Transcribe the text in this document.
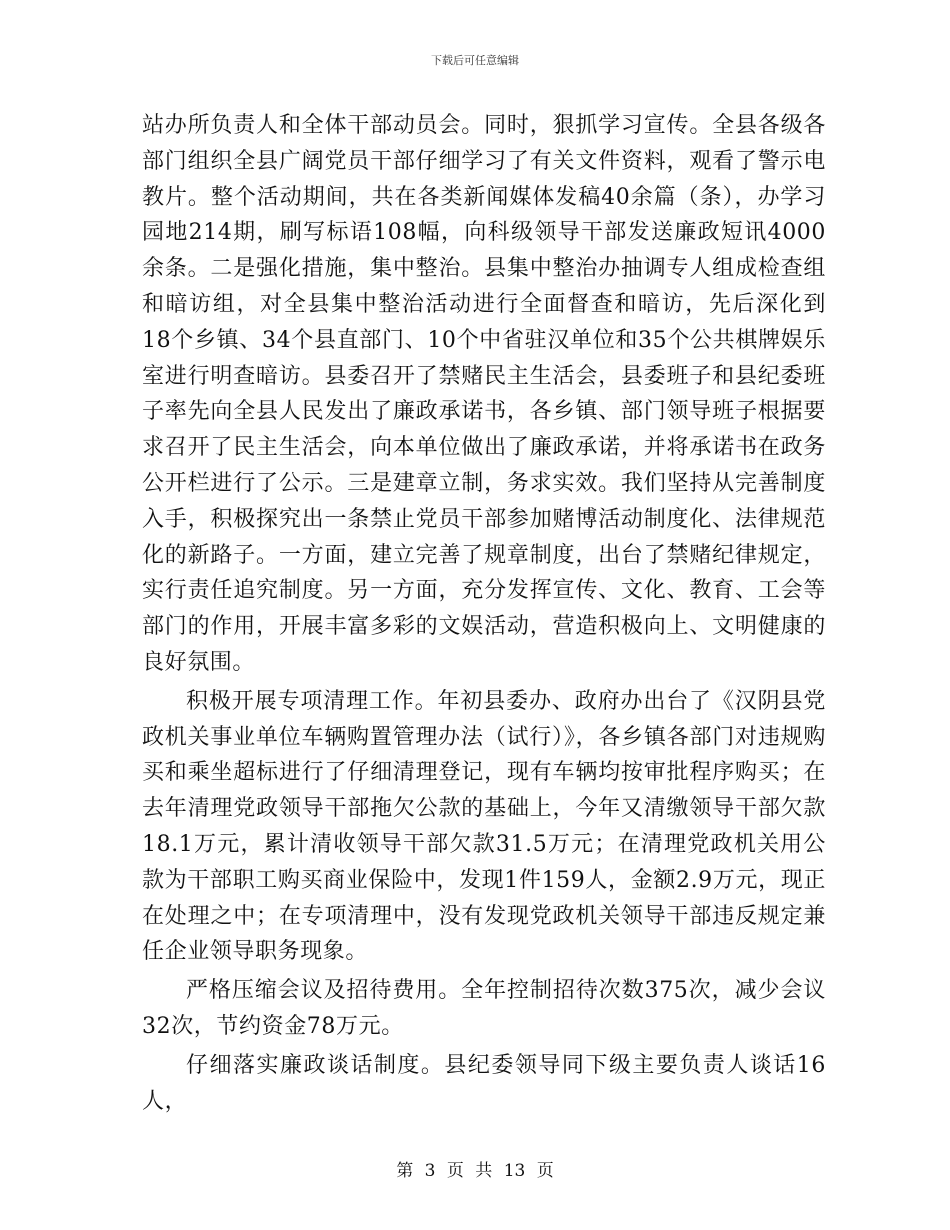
下载后可任意编辑

站办所负责人和全体干部动员会。同时，狠抓学习宣传。全县各级各部门组织全县广阔党员干部仔细学习了有关文件资料，观看了警示电教片。整个活动期间，共在各类新闻媒体发稿40余篇（条），办学习园地214期，刷写标语108幅，向科级领导干部发送廉政短讯4000余条。二是强化措施，集中整治。县集中整治办抽调专人组成检查组和暗访组，对全县集中整治活动进行全面督查和暗访，先后深化到18个乡镇、34个县直部门、10个中省驻汉单位和35个公共棋牌娱乐室进行明查暗访。县委召开了禁赌民主生活会，县委班子和县纪委班子率先向全县人民发出了廉政承诺书，各乡镇、部门领导班子根据要求召开了民主生活会，向本单位做出了廉政承诺，并将承诺书在政务公开栏进行了公示。三是建章立制，务求实效。我们坚持从完善制度入手，积极探究出一条禁止党员干部参加赌博活动制度化、法律规范化的新路子。一方面，建立完善了规章制度，出台了禁赌纪律规定，实行责任追究制度。另一方面，充分发挥宣传、文化、教育、工会等部门的作用，开展丰富多彩的文娱活动，营造积极向上、文明健康的良好氛围。

积极开展专项清理工作。年初县委办、政府办出台了《汉阴县党政机关事业单位车辆购置管理办法（试行）》，各乡镇各部门对违规购买和乘坐超标进行了仔细清理登记，现有车辆均按审批程序购买；在去年清理党政领导干部拖欠公款的基础上，今年又清缴领导干部欠款18.1万元，累计清收领导干部欠款31.5万元；在清理党政机关用公款为干部职工购买商业保险中，发现1件159人，金额2.9万元，现正在处理之中；在专项清理中，没有发现党政机关领导干部违反规定兼任企业领导职务现象。

严格压缩会议及招待费用。全年控制招待次数375次，减少会议32次，节约资金78万元。

仔细落实廉政谈话制度。县纪委领导同下级主要负责人谈话16人，

第 3 页 共 13 页
